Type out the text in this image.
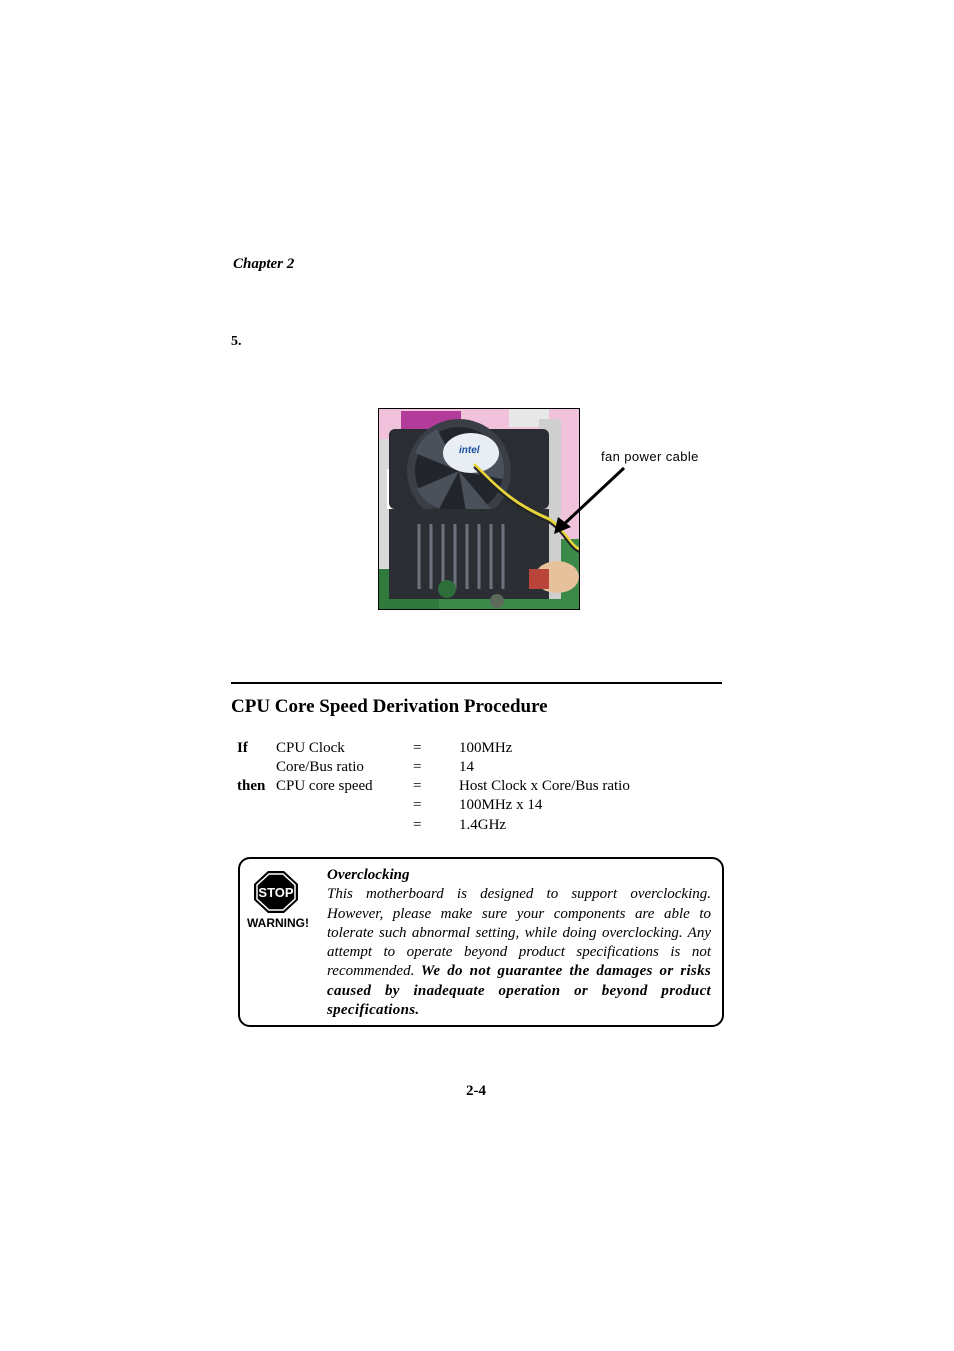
Chapter 2
5.
intel	fan power cable
CPU Core Speed Derivation Procedure
If CPU Clock	=	100MHz
Core/Bus ratio	=	14
then CPU core speed	=	Host Clock x Core/Bus ratio
=	100MHz x 14
=	1.4GHz
STOP
WARNING!
Overclocking
This motherboard is designed to support overclocking. However, please make sure your components are able to tolerate such abnormal setting, while doing overclocking. Any attempt to operate beyond product specifications is not recommended. We do not guarantee the damages or risks caused by inadequate operation or beyond product specifications.
2-4
